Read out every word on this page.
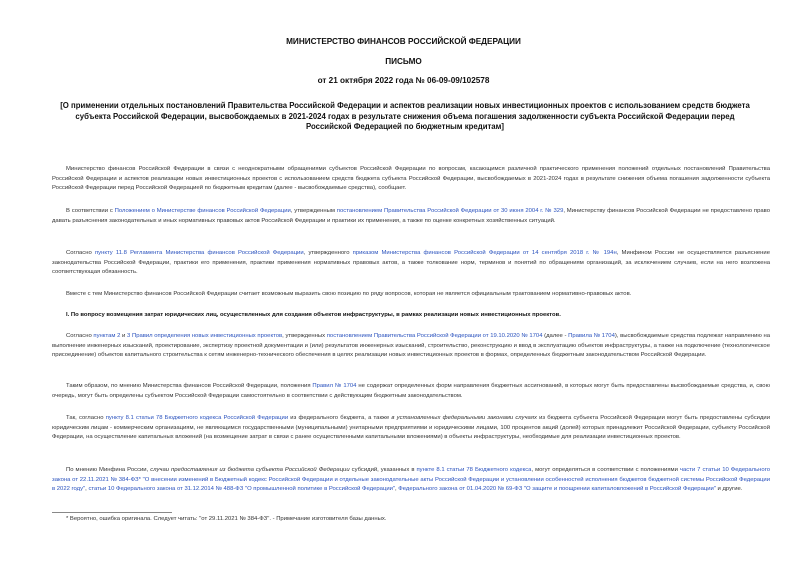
МИНИСТЕРСТВО ФИНАНСОВ РОССИЙСКОЙ ФЕДЕРАЦИИ
ПИСЬМО
от 21 октября 2022 года № 06-09-09/102578
[О применении отдельных постановлений Правительства Российской Федерации и аспектов реализации новых инвестиционных проектов с использованием средств бюджета субъекта Российской Федерации, высвобождаемых в 2021-2024 годах в результате снижения объема погашения задолженности субъекта Российской Федерации перед Российской Федерацией по бюджетным кредитам]
Министерство финансов Российской Федерации в связи с неоднократными обращениями субъектов Российской Федерации по вопросам, касающимся различной практического применения положений отдельных постановлений Правительства Российской Федерации и аспектов реализации новых инвестиционных проектов с использованием средств бюджета субъекта Российской Федерации, высвобождаемых в 2021-2024 годах в результате снижения объема погашения задолженности субъекта Российской Федерации перед Российской Федерацией по бюджетным кредитам (далее - высвобождаемые средства), сообщает.
В соответствии с Положением о Министерстве финансов Российской Федерации, утвержденным постановлением Правительства Российской Федерации от 30 июня 2004 г. № 329, Министерству финансов Российской Федерации не предоставлено право давать разъяснения законодательных и иных нормативных правовых актов Российской Федерации и практики их применения, а также по оценке конкретных хозяйственных ситуаций.
Согласно пункту 11.8 Регламента Министерства финансов Российской Федерации, утвержденного приказом Министерства финансов Российской Федерации от 14 сентября 2018 г. № 194н, Минфином России не осуществляется разъяснение законодательства Российской Федерации, практики его применения, практики применения нормативных правовых актов, а также толкование норм, терминов и понятий по обращениям организаций, за исключением случаев, если на него возложена соответствующая обязанность.
Вместе с тем Министерство финансов Российской Федерации считает возможным выразить свою позицию по ряду вопросов, которая не является официальным трактованием нормативно-правовых актов.
I. По вопросу возмещения затрат юридических лиц, осуществленных для создания объектов инфраструктуры, в рамках реализации новых инвестиционных проектов.
Согласно пунктам 2 и 3 Правил определения новых инвестиционных проектов, утвержденных постановлением Правительства Российской Федерации от 19.10.2020 № 1704 (далее - Правила № 1704), высвобождаемые средства подлежат направлению на выполнение инженерных изысканий, проектирование, экспертизу проектной документации и (или) результатов инженерных изысканий, строительство, реконструкцию и ввод в эксплуатацию объектов инфраструктуры, а также на подключение (технологическое присоединение) объектов капитального строительства к сетям инженерно-технического обеспечения в целях реализации новых инвестиционных проектов в формах, определенных бюджетным законодательством Российской Федерации.
Таким образом, по мнению Министерства финансов Российской Федерации, положения Правил № 1704 не содержат определенных форм направления бюджетных ассигнований, в которых могут быть предоставлены высвобождаемые средства, и, свою очередь, могут быть определены субъектом Российской Федерации самостоятельно в соответствии с действующим бюджетным законодательством.
Так, согласно пункту 8.1 статьи 78 Бюджетного кодекса Российской Федерации из федерального бюджета, а также в установленных федеральными законами случаях из бюджета субъекта Российской Федерации могут быть предоставлены субсидии юридическим лицам - коммерческим организациям, не являющимся государственными (муниципальными) унитарными предприятиями и юридическими лицами, 100 процентов акций (долей) которых принадлежит Российской Федерации, субъекту Российской Федерации, на осуществление капитальных вложений (на возмещение затрат в связи с ранее осуществленными капитальными вложениями) в объекты инфраструктуры, необходимые для реализации инвестиционных проектов.
По мнению Минфина России, случаи предоставления из бюджета субъекта Российской Федерации субсидий, указанных в пункте 8.1 статьи 78 Бюджетного кодекса, могут определяться в соответствии с положениями части 7 статьи 10 Федерального закона от 22.11.2021 № 384-ФЗ* "О внесении изменений в Бюджетный кодекс Российской Федерации и отдельные законодательные акты Российской Федерации и установлении особенностей исполнения бюджетов бюджетной системы Российской Федерации в 2022 году", статьи 10 Федерального закона от 31.12.2014 № 488-ФЗ "О промышленной политике в Российской Федерации", Федерального закона от 01.04.2020 № 69-ФЗ "О защите и поощрении капиталовложений в Российской Федерации" и другие.
* Вероятно, ошибка оригинала. Следует читать: "от 29.11.2021 № 384-ФЗ". - Примечание изготовителя базы данных.
